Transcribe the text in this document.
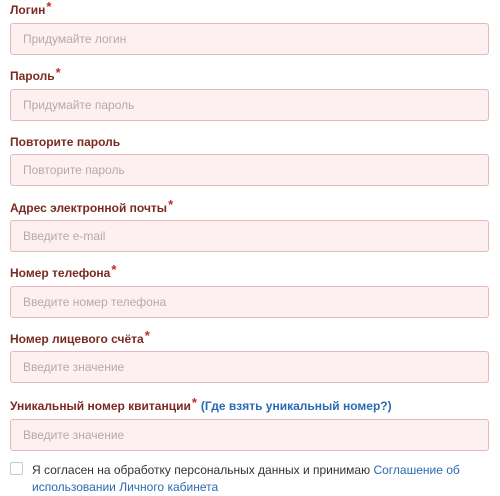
Логин*
Придумайте логин
Пароль*
Повторите пароль
Адрес электронной почты*
Введите e-mail
Номер телефона*
Введите номер телефона
Номер лицевого счёта*
Введите значение
Уникальный номер квитанции* (Где взять уникальный номер?)
Введите значение
Я согласен на обработку персональных данных и принимаю Соглашение об использовании Личного кабинета
